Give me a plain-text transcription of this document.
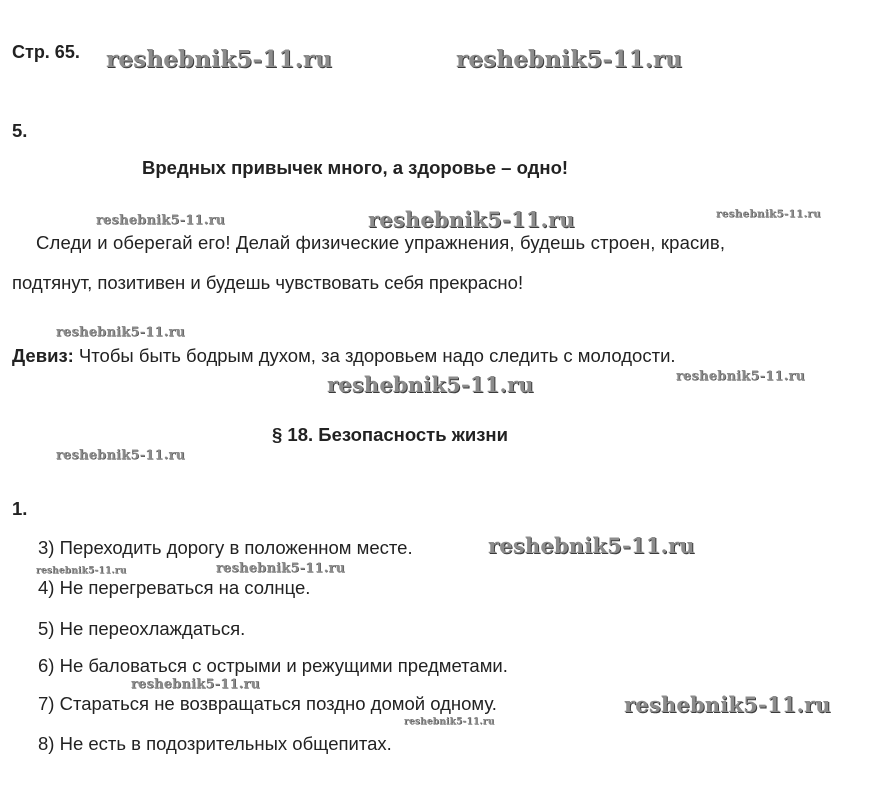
Стр. 65.
5.
Вредных привычек много, а здоровье – одно!
Следи и оберегай его! Делай физические упражнения, будешь строен, красив,
подтянут, позитивен и будешь чувствовать себя прекрасно!
Девиз: Чтобы быть бодрым духом, за здоровьем надо следить с молодости.
§ 18. Безопасность жизни
1.
3) Переходить дорогу в положенном месте.
4) Не перегреваться на солнце.
5) Не переохлаждаться.
6) Не баловаться с острыми и режущими предметами.
7) Стараться не возвращаться поздно домой одному.
8) Не есть в подозрительных общепитах.
reshebnik5-11.ru	reshebnik5-11.ru
reshebnik5-11.ru	reshebnik5-11.ru	reshebnik5-11.ru
reshebnik5-11.ru
reshebnik5-11.ru	reshebnik5-11.ru
reshebnik5-11.ru
reshebnik5-11.ru
reshebnik5-11.ru	reshebnik5-11.ru
reshebnik5-11.ru
reshebnik5-11.ru
reshebnik5-11.ru
